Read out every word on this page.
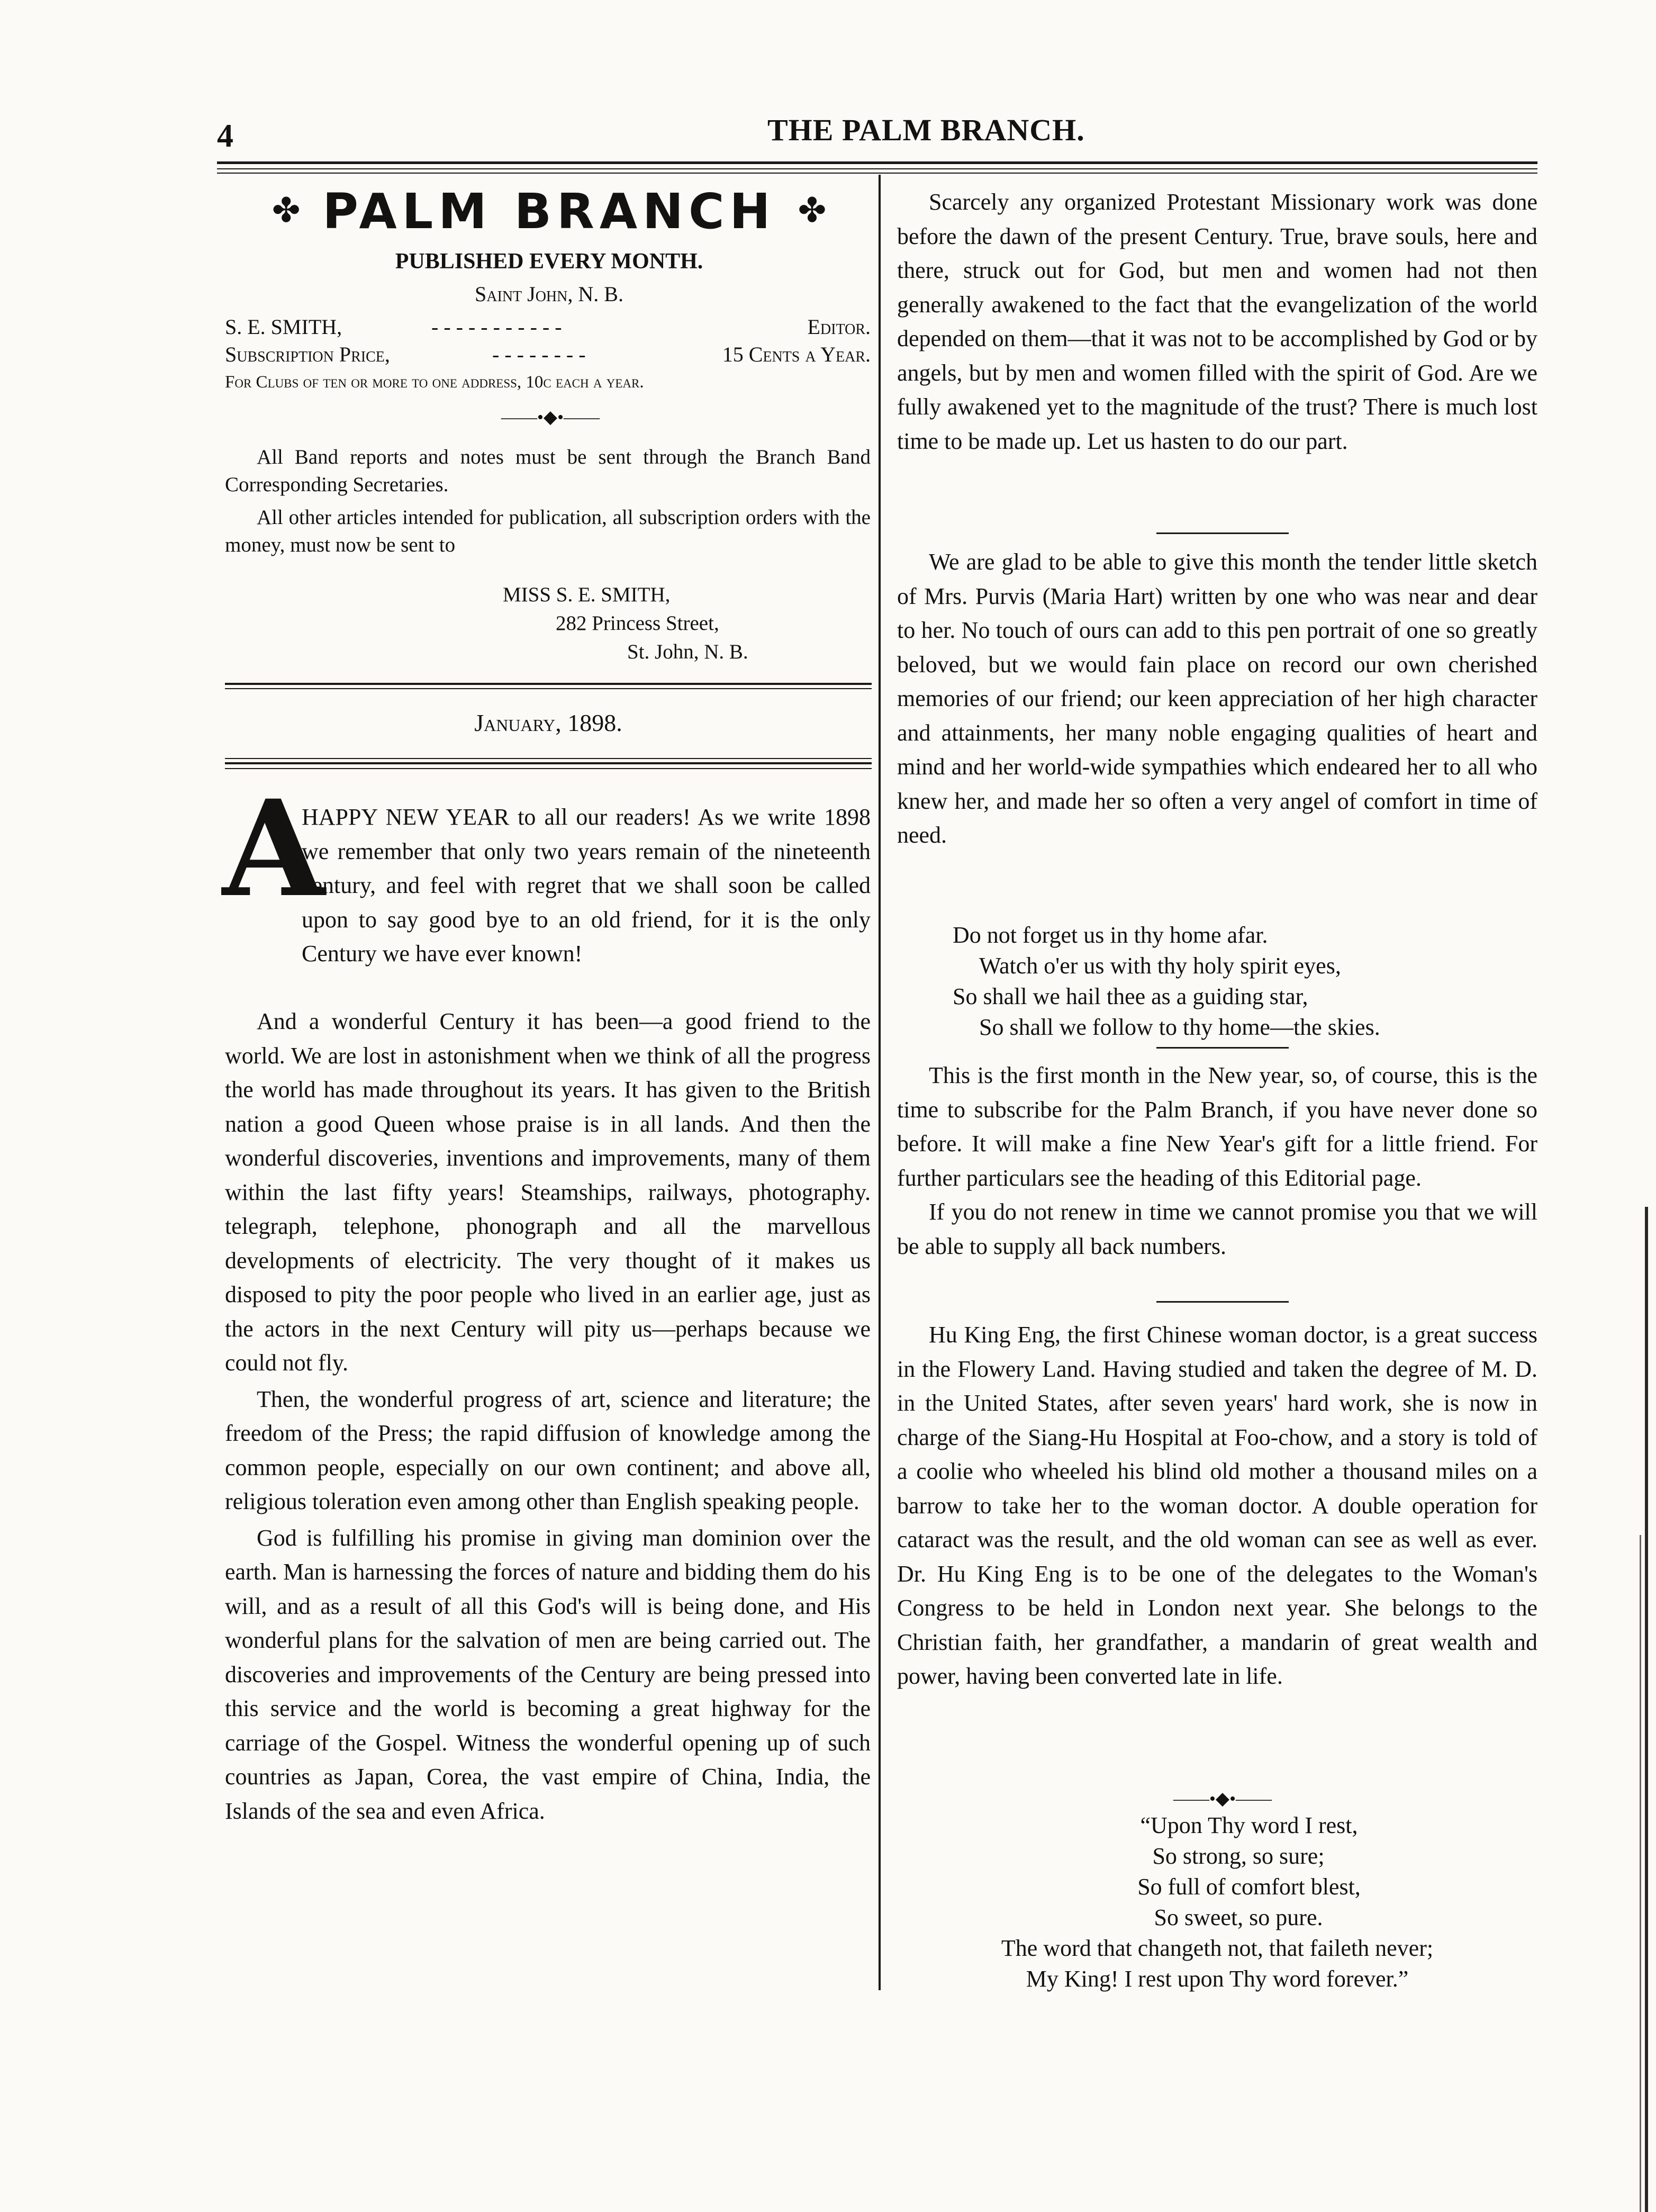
4	THE PALM BRANCH.
✤ PALM BRANCH ✤
PUBLISHED EVERY MONTH.
Saint John, N. B.
S. E. SMITH,	- - - - - - - - - - -	Editor.
Subscription Price,	- - - - - - - -	15 Cents a Year.
For Clubs of ten or more to one address, 10c each a year.
——•◆•——
All Band reports and notes must be sent through the Branch Band Corresponding Secretaries.
All other articles intended for publication, all subscription orders with the money, must now be sent to
MISS S. E. SMITH,
282 Princess Street,
St. John, N. B.
January, 1898.
A

HAPPY NEW YEAR to all our readers! As we write 1898 we remember that only two years remain of the nineteenth century, and feel with regret that we shall soon be called upon to say good bye to an old friend, for it is the only Century we have ever known!

And a wonderful Century it has been—a good friend to the world. We are lost in astonishment when we think of all the progress the world has made throughout its years. It has given to the British nation a good Queen whose praise is in all lands. And then the wonderful discoveries, inventions and improvements, many of them within the last fifty years! Steamships, railways, photography. telegraph, telephone, phonograph and all the marvellous developments of electricity. The very thought of it makes us disposed to pity the poor people who lived in an earlier age, just as the actors in the next Century will pity us—perhaps because we could not fly.

Then, the wonderful progress of art, science and literature; the freedom of the Press; the rapid diffusion of knowledge among the common people, especially on our own continent; and above all, religious toleration even among other than English speaking people.

God is fulfilling his promise in giving man dominion over the earth. Man is harnessing the forces of nature and bidding them do his will, and as a result of all this God's will is being done, and His wonderful plans for the salvation of men are being carried out. The discoveries and improvements of the Century are being pressed into this service and the world is becoming a great highway for the carriage of the Gospel. Witness the wonderful opening up of such countries as Japan, Corea, the vast empire of China, India, the Islands of the sea and even Africa.

Scarcely any organized Protestant Missionary work was done before the dawn of the present Century. True, brave souls, here and there, struck out for God, but men and women had not then generally awakened to the fact that the evangelization of the world depended on them—that it was not to be accomplished by God or by angels, but by men and women filled with the spirit of God. Are we fully awakened yet to the magnitude of the trust? There is much lost time to be made up. Let us hasten to do our part.

We are glad to be able to give this month the tender little sketch of Mrs. Purvis (Maria Hart) written by one who was near and dear to her. No touch of ours can add to this pen portrait of one so greatly beloved, but we would fain place on record our own cherished memories of our friend; our keen appreciation of her high character and attainments, her many noble engaging qualities of heart and mind and her world-wide sympathies which endeared her to all who knew her, and made her so often a very angel of comfort in time of need.

Do not forget us in thy home afar.
Watch o'er us with thy holy spirit eyes,
So shall we hail thee as a guiding star,
So shall we follow to thy home—the skies.

This is the first month in the New year, so, of course, this is the time to subscribe for the Palm Branch, if you have never done so before. It will make a fine New Year's gift for a little friend. For further particulars see the heading of this Editorial page.

If you do not renew in time we cannot promise you that we will be able to supply all back numbers.

Hu King Eng, the first Chinese woman doctor, is a great success in the Flowery Land. Having studied and taken the degree of M. D. in the United States, after seven years' hard work, she is now in charge of the Siang-Hu Hospital at Foo-chow, and a story is told of a coolie who wheeled his blind old mother a thousand miles on a barrow to take her to the woman doctor. A double operation for cataract was the result, and the old woman can see as well as ever. Dr. Hu King Eng is to be one of the delegates to the Woman's Congress to be held in London next year. She belongs to the Christian faith, her grandfather, a mandarin of great wealth and power, having been converted late in life.

——•◆•——
“Upon Thy word I rest,
So strong, so sure;
So full of comfort blest,
So sweet, so pure.
The word that changeth not, that faileth never;
My King! I rest upon Thy word forever.”
